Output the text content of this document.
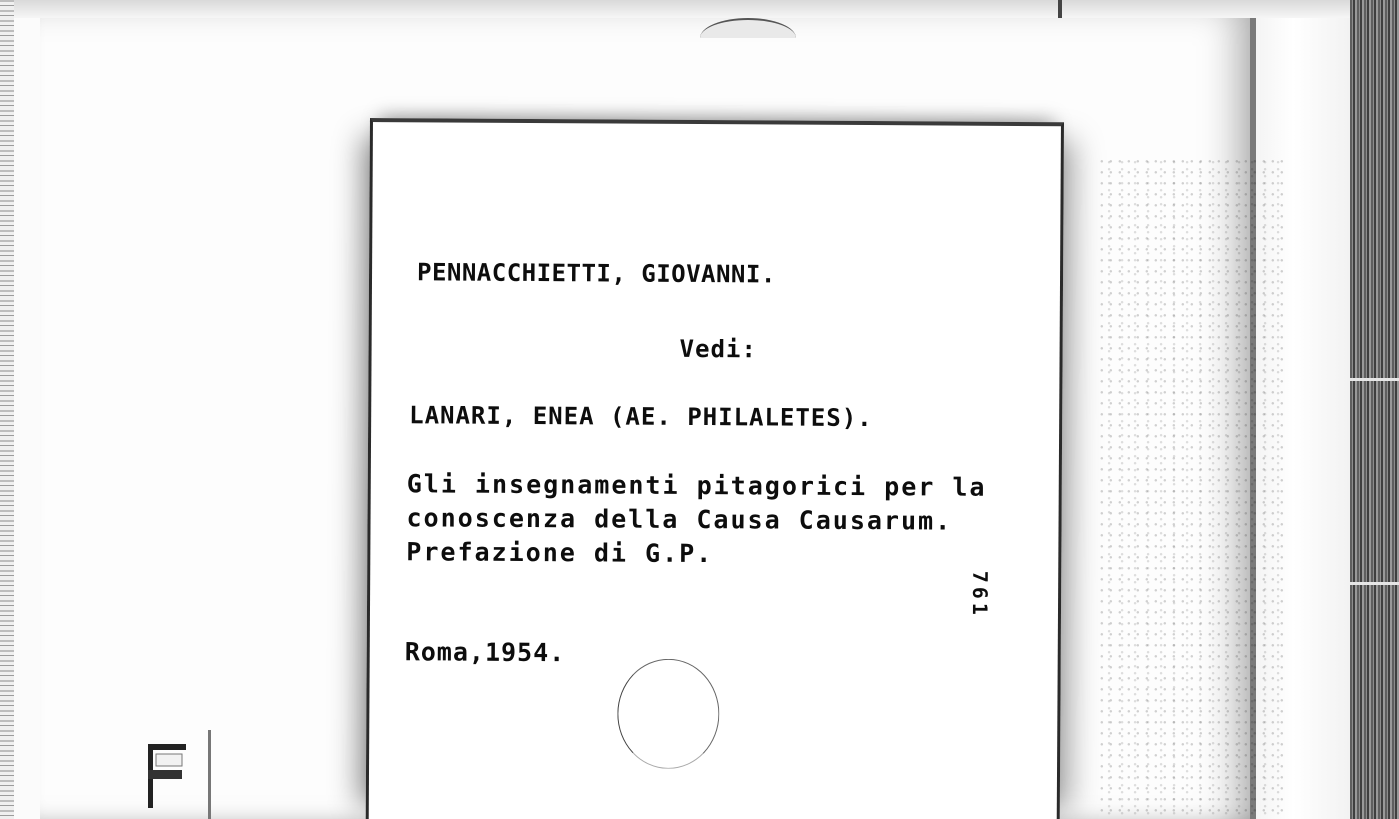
PENNACCHIETTI, GIOVANNI.
Vedi:
LANARI, ENEA (AE. PHILALETES).
Gli insegnamenti pitagorici per la
conoscenza della Causa Causarum.
Prefazione di G.P.
Roma,1954.
761
